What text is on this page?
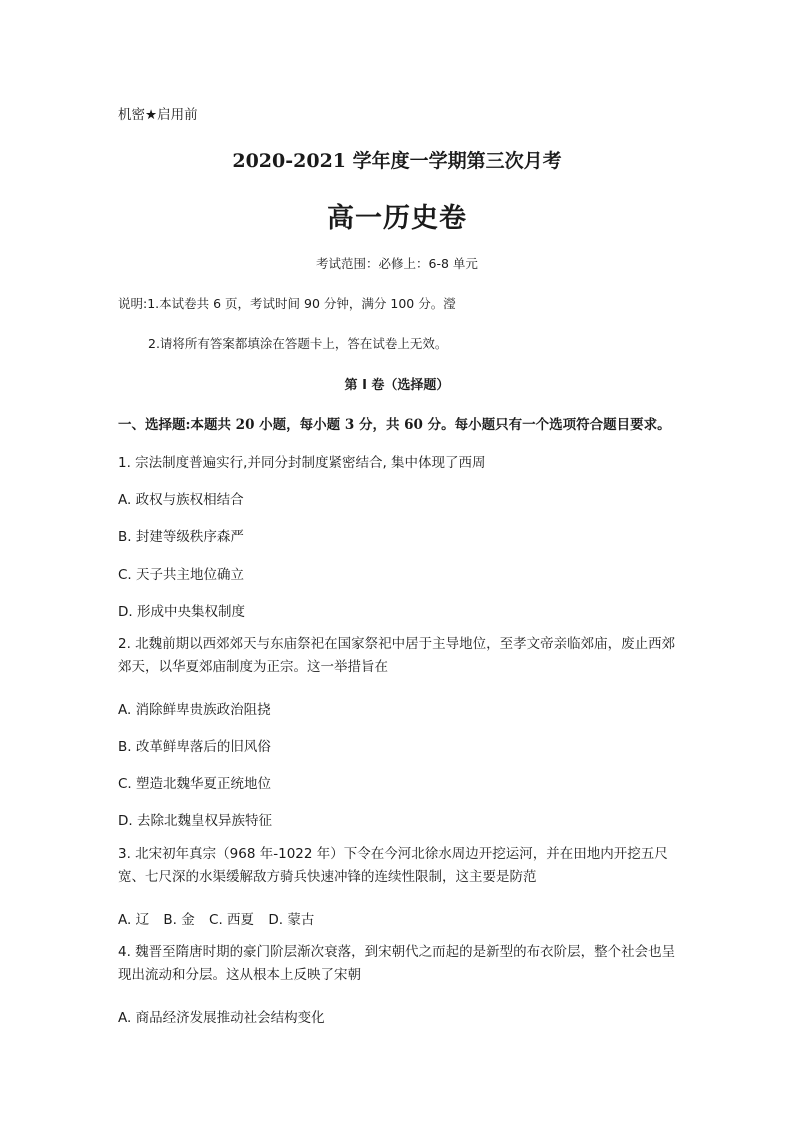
机密★启用前
2020-2021 学年度一学期第三次月考
高一历史卷
考试范围：必修上：6-8 单元
说明:1.本试卷共 6 页，考试时间 90 分钟，满分 100 分。瀅
2.请将所有答案都填涂在答题卡上，答在试卷上无效。
第 I 卷（选择题）
一、选择题:本题共 20 小题，每小题 3 分，共 60 分。每小题只有一个选项符合题目要求。
1. 宗法制度普遍实行,并同分封制度紧密结合, 集中体现了西周
A. 政权与族权相结合
B. 封建等级秩序森严
C. 天子共主地位确立
D. 形成中央集权制度
2. 北魏前期以西郊郊天与东庙祭祀在国家祭祀中居于主导地位，至孝文帝亲临郊庙，废止西郊郊天，以华夏郊庙制度为正宗。这一举措旨在
A. 消除鲜卑贵族政治阻挠
B. 改革鲜卑落后的旧风俗
C. 塑造北魏华夏正统地位
D. 去除北魏皇权异族特征
3. 北宋初年真宗（968 年-1022 年）下令在今河北徐水周边开挖运河，并在田地内开挖五尺宽、七尺深的水渠缓解敌方骑兵快速冲锋的连续性限制，这主要是防范
A. 辽 B. 金 C. 西夏 D. 蒙古
4. 魏晋至隋唐时期的豪门阶层渐次衰落，到宋朝代之而起的是新型的布衣阶层，整个社会也呈现出流动和分层。这从根本上反映了宋朝
A. 商品经济发展推动社会结构变化
